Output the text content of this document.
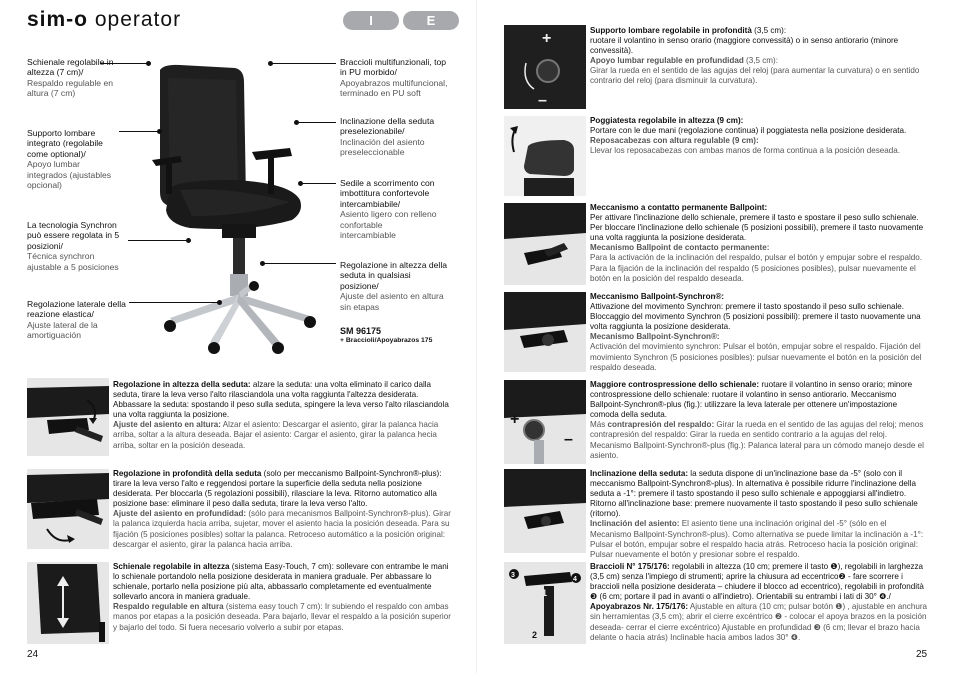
sim-o operator	I	E
Schienale regolabile in altezza (7 cm)/
Respaldo regulable en altura (7 cm)
Supporto lombare integrato (regolabile come optional)/
Apoyo lumbar integrados (ajustables opcional)
La tecnologia Synchron può essere regolata in 5 posizioni/
Técnica synchron ajustable a 5 posiciones
Regolazione laterale della reazione elastica/
Ajuste lateral de la amortiguación
Braccioli multifunzionali, top in PU morbido/
Apoyabrazos multifuncional, terminado en PU soft
Inclinazione della seduta preselezionabile/
Inclinación del asiento preseleccionable
Sedile a scorrimento con imbottitura confortevole intercambiabile/
Asiento ligero con relleno confortable intercambiable
Regolazione in altezza della seduta in qualsiasi posizione/
Ajuste del asiento en altura sin etapas
SM 96175
+ Braccioli/Apoyabrazos 175

Regolazione in altezza della seduta: alzare la seduta: una volta eliminato il carico dalla seduta, tirare la leva verso l'alto rilasciandola una volta raggiunta l'altezza desiderata. Abbassare la seduta: spostando il peso sulla seduta, spingere la leva verso l'alto rilasciandola una volta raggiunta la posizione.

Ajuste del asiento en altura: Alzar el asiento: Descargar el asiento, girar la palanca hacia arriba, soltar a la altura deseada. Bajar el asiento: Cargar el asiento, girar la palanca hecia arriba, soltar en la posición deseada.

Regolazione in profondità della seduta (solo per meccanismo Ballpoint-Synchron®-plus): tirare la leva verso l'alto e reggendosi portare la superficie della seduta nella posizione desiderata. Per bloccarla (5 regolazioni possibili), rilasciare la leva. Ritorno automatico alla posizione base: eliminare il peso dalla seduta, tirare la leva verso l'alto.

Ajuste del asiento en profundidad: (sólo para mecanismos Ballpoint-Synchron®-plus). Girar la palanca izquierda hacia arriba, sujetar, mover el asiento hacia la posición deseada. Para su fijación (5 posiciones posibles) soltar la palanca. Retroceso automático a la posición original: descargar el asiento, girar la palanca hacia arriba.

Schienale regolabile in altezza (sistema Easy-Touch, 7 cm): sollevare con entrambe le mani lo schienale portandolo nella posizione desiderata in maniera graduale. Per abbassare lo schienale, portarlo nella posizione più alta, abbassarlo completamente ed eventualmente sollevarlo ancora in maniera graduale.

Respaldo regulable en altura (sistema easy touch 7 cm): Ir subiendo el respaldo con ambas manos por etapas a la posición deseada. Para bajarlo, llevar el respaldo a la posición superior y bajarlo del todo. Si fuera necesario volverlo a subir por etapas.

24
+
–
+
–
3
4
1
2

Supporto lombare regolabile in profondità (3,5 cm):

ruotare il volantino in senso orario (maggiore convessità) o in senso antiorario (minore convessità).

Apoyo lumbar regulable en profundidad (3,5 cm):

Girar la rueda en el sentido de las agujas del reloj (para aumentar la curvatura) o en sentido contrario del reloj (para disminuir la curvatura).

Poggiatesta regolabile in altezza (9 cm):

Portare con le due mani (regolazione continua) il poggiatesta nella posizione desiderata.

Reposacabezas con altura regulable (9 cm):

Llevar los reposacabezas con ambas manos de forma continua a la posición deseada.

Meccanismo a contatto permanente Ballpoint:

Per attivare l'inclinazione dello schienale, premere il tasto e spostare il peso sullo schienale. Per bloccare l'inclinazione dello schienale (5 posizioni possibili), premere il tasto nuovamente una volta raggiunta la posizione desiderata.

Mecanismo Ballpoint de contacto permanente:

Para la activación de la inclinación del respaldo, pulsar el botón y empujar sobre el respaldo. Para la fijación de la inclinación del respaldo (5 posiciones posibles), pulsar nuevamente el botón en la posición del respaldo deseada.

Meccanismo Ballpoint-Synchron®:

Attivazione del movimento Synchron: premere il tasto spostando il peso sullo schienale. Bloccaggio del movimento Synchron (5 posizioni possibili): premere il tasto nuovamente una volta raggiunta la posizione desiderata.

Mecanismo Ballpoint-Synchron®:

Activación del movimiento synchron: Pulsar el botón, empujar sobre el respaldo. Fijación del movimiento Synchron (5 posiciones posibles): pulsar nuevamente el botón en la posición del respaldo deseada.

Maggiore controspressione dello schienale: ruotare il volantino in senso orario; minore controspressione dello schienale: ruotare il volantino in senso antiorario. Meccanismo Ballpoint-Synchron®-plus (fig.): utilizzare la leva laterale per ottenere un'impostazione comoda della seduta.

Más contrapresión del respaldo: Girar la rueda en el sentido de las agujas del reloj; menos contrapresión del respaldo: Girar la rueda en sentido contrario a la agujas del reloj. Mecanismo Ballpoint-Synchron®-plus (fig.): Palanca lateral para un cómodo manejo desde el asiento.

Inclinazione della seduta: la seduta dispone di un'inclinazione base da -5° (solo con il meccanismo Ballpoint-Synchron®-plus). In alternativa è possibile ridurre l'inclinazione della seduta a -1°: premere il tasto spostando il peso sullo schienale e appoggiarsi all'indietro. Ritorno all'inclinazione base: premere nuovamente il tasto spostando il peso sullo schienale (ritorno).

Inclinación del asiento: El asiento tiene una inclinación original del -5° (sólo en el Mecanismo Ballpoint-Synchron®-plus). Como alternativa se puede limitar la inclinación a -1°: Pulsar el botón, empujar sobre el respaldo hacia atrás. Retroceso hacia la posición original: Pulsar nuevamente el botón y presionar sobre el respaldo.

Braccioli N° 175/176: regolabili in altezza (10 cm; premere il tasto ❶), regolabili in larghezza (3,5 cm) senza l'impiego di strumenti; aprire la chiusura ad eccentrico❷ - fare scorrere i braccioli nella posizione desiderata – chiudere il blocco ad eccentrico), regolabili in profondità ❸ (6 cm; portare il pad in avanti o all'indietro). Orientabili su entrambi i lati di 30° ❹./ Apoyabrazos Nr. 175/176: Ajustable en altura (10 cm; pulsar botón ❶) , ajustable en anchura sin herramientas (3,5 cm); abrir el cierre excéntrico ❷ - colocar el apoya brazos en la posición deseada- cerrar el cierre excéntrico) Ajustable en profundidad ❸ (6 cm; llevar el brazo hacia delante o hacia atrás) Inclinable hacia ambos lados 30° ❹.

25
